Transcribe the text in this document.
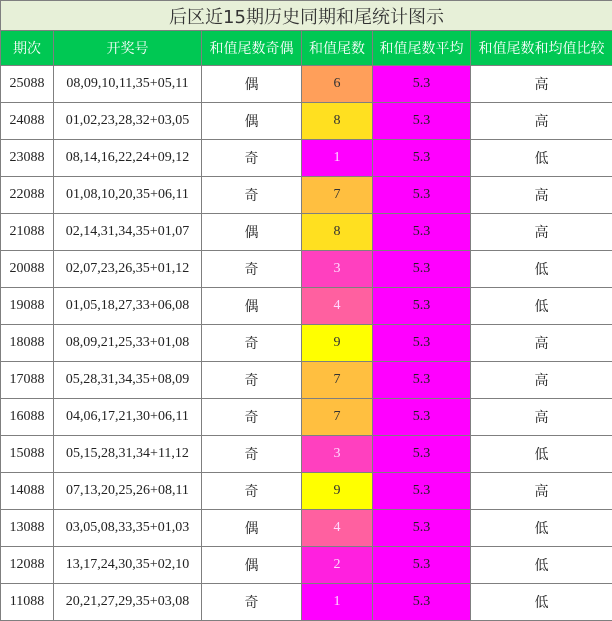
后区近15期历史同期和尾统计图示					
期次	开奖号	和值尾数奇偶	和值尾数	和值尾数平均	和值尾数和均值比较
25088	08,09,10,11,35+05,11	偶	6	5.3	高
24088	01,02,23,28,32+03,05	偶	8	5.3	高
23088	08,14,16,22,24+09,12	奇	1	5.3	低
22088	01,08,10,20,35+06,11	奇	7	5.3	高
21088	02,14,31,34,35+01,07	偶	8	5.3	高
20088	02,07,23,26,35+01,12	奇	3	5.3	低
19088	01,05,18,27,33+06,08	偶	4	5.3	低
18088	08,09,21,25,33+01,08	奇	9	5.3	高
17088	05,28,31,34,35+08,09	奇	7	5.3	高
16088	04,06,17,21,30+06,11	奇	7	5.3	高
15088	05,15,28,31,34+11,12	奇	3	5.3	低
14088	07,13,20,25,26+08,11	奇	9	5.3	高
13088	03,05,08,33,35+01,03	偶	4	5.3	低
12088	13,17,24,30,35+02,10	偶	2	5.3	低
11088	20,21,27,29,35+03,08	奇	1	5.3	低
